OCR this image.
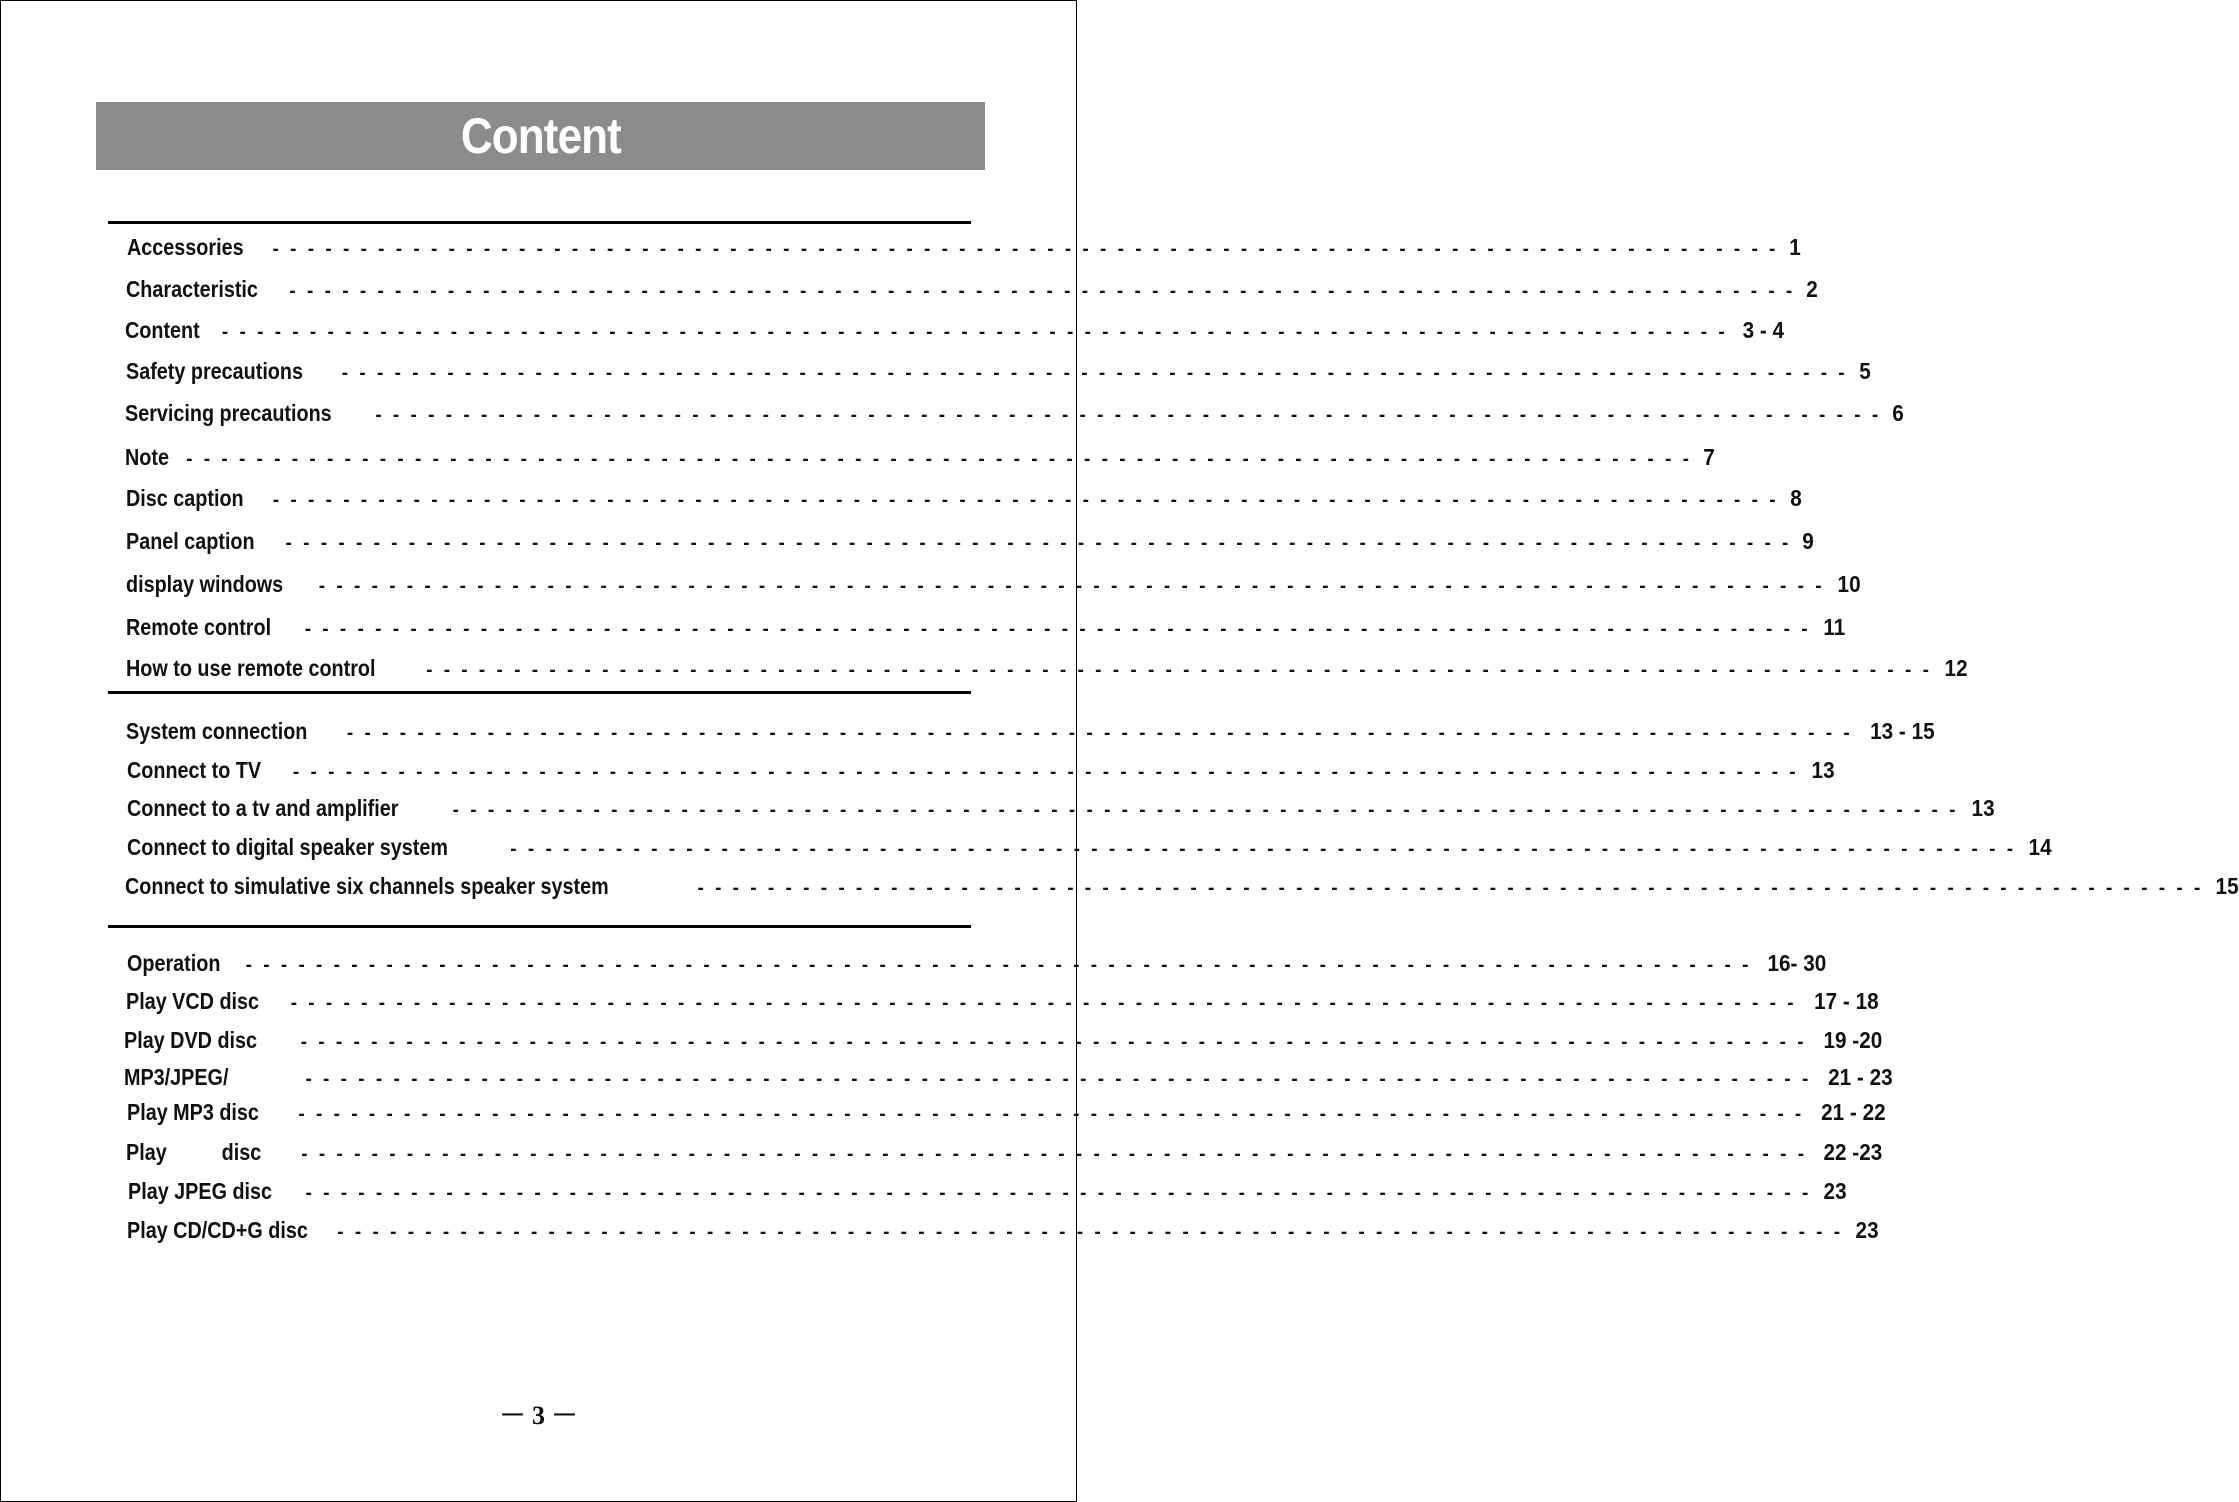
Content
Accessories - - - - - - - - - - - - - - - - - - - - - - - - - - - - - - - - - - - - - - - - - - - - - - - - - - - - - - - - - - - - - - - - - - - - - - - - - - - - - - - - - - - - - - 1
Characteristic - - - - - - - - - - - - - - - - - - - - - - - - - - - - - - - - - - - - - - - - - - - - - - - - - - - - - - - - - - - - - - - - - - - - - - - - - - - - - - - - - - - - - - 2
Content - - - - - - - - - - - - - - - - - - - - - - - - - - - - - - - - - - - - - - - - - - - - - - - - - - - - - - - - - - - - - - - - - - - - - - - - - - - - - - - - - - - - - - 3 - 4
Safety precautions - - - - - - - - - - - - - - - - - - - - - - - - - - - - - - - - - - - - - - - - - - - - - - - - - - - - - - - - - - - - - - - - - - - - - - - - - - - - - - - - - - - - - - 5
Servicing precautions - - - - - - - - - - - - - - - - - - - - - - - - - - - - - - - - - - - - - - - - - - - - - - - - - - - - - - - - - - - - - - - - - - - - - - - - - - - - - - - - - - - - - - 6
Note - - - - - - - - - - - - - - - - - - - - - - - - - - - - - - - - - - - - - - - - - - - - - - - - - - - - - - - - - - - - - - - - - - - - - - - - - - - - - - - - - - - - - - 7
Disc caption - - - - - - - - - - - - - - - - - - - - - - - - - - - - - - - - - - - - - - - - - - - - - - - - - - - - - - - - - - - - - - - - - - - - - - - - - - - - - - - - - - - - - - 8
Panel caption - - - - - - - - - - - - - - - - - - - - - - - - - - - - - - - - - - - - - - - - - - - - - - - - - - - - - - - - - - - - - - - - - - - - - - - - - - - - - - - - - - - - - - 9
display windows - - - - - - - - - - - - - - - - - - - - - - - - - - - - - - - - - - - - - - - - - - - - - - - - - - - - - - - - - - - - - - - - - - - - - - - - - - - - - - - - - - - - - - 10
Remote control - - - - - - - - - - - - - - - - - - - - - - - - - - - - - - - - - - - - - - - - - - - - - - - - - - - - - - - - - - - - - - - - - - - - - - - - - - - - - - - - - - - - - - 11
How to use remote control	- - - - - - - - - - - - - - - - - - - - - - - - - - - - - - - - - - - - - - - - - - - - - - - - - - - - - - - - - - - - - - - - - - - - - - - - - - - - - - - - - - - - - - 12
System connection - - - - - - - - - - - - - - - - - - - - - - - - - - - - - - - - - - - - - - - - - - - - - - - - - - - - - - - - - - - - - - - - - - - - - - - - - - - - - - - - - - - - - - 13 - 15
Connect to TV - - - - - - - - - - - - - - - - - - - - - - - - - - - - - - - - - - - - - - - - - - - - - - - - - - - - - - - - - - - - - - - - - - - - - - - - - - - - - - - - - - - - - - 13
Connect to a tv and amplifier	- - - - - - - - - - - - - - - - - - - - - - - - - - - - - - - - - - - - - - - - - - - - - - - - - - - - - - - - - - - - - - - - - - - - - - - - - - - - - - - - - - - - - - 13
Connect to digital speaker system	- - - - - - - - - - - - - - - - - - - - - - - - - - - - - - - - - - - - - - - - - - - - - - - - - - - - - - - - - - - - - - - - - - - - - - - - - - - - - - - - - - - - - - 14
Connect to simulative six channels speaker system	- - - - - - - - - - - - - - - - - - - - - - - - - - - - - - - - - - - - - - - - - - - - - - - - - - - - - - - - - - - - - - - - - - - - - - - - - - - - - - - - - - - - - - 15
Operation - - - - - - - - - - - - - - - - - - - - - - - - - - - - - - - - - - - - - - - - - - - - - - - - - - - - - - - - - - - - - - - - - - - - - - - - - - - - - - - - - - - - - - 16- 30
Play VCD disc - - - - - - - - - - - - - - - - - - - - - - - - - - - - - - - - - - - - - - - - - - - - - - - - - - - - - - - - - - - - - - - - - - - - - - - - - - - - - - - - - - - - - - 17 - 18
Play DVD disc - - - - - - - - - - - - - - - - - - - - - - - - - - - - - - - - - - - - - - - - - - - - - - - - - - - - - - - - - - - - - - - - - - - - - - - - - - - - - - - - - - - - - - 19 -20
MP3/JPEG/	- - - - - - - - - - - - - - - - - - - - - - - - - - - - - - - - - - - - - - - - - - - - - - - - - - - - - - - - - - - - - - - - - - - - - - - - - - - - - - - - - - - - - - 21 - 23
Play MP3 disc - - - - - - - - - - - - - - - - - - - - - - - - - - - - - - - - - - - - - - - - - - - - - - - - - - - - - - - - - - - - - - - - - - - - - - - - - - - - - - - - - - - - - - 21 - 22
Play          disc - - - - - - - - - - - - - - - - - - - - - - - - - - - - - - - - - - - - - - - - - - - - - - - - - - - - - - - - - - - - - - - - - - - - - - - - - - - - - - - - - - - - - - 22 -23
Play JPEG disc - - - - - - - - - - - - - - - - - - - - - - - - - - - - - - - - - - - - - - - - - - - - - - - - - - - - - - - - - - - - - - - - - - - - - - - - - - - - - - - - - - - - - - 23
Play CD/CD+G disc - - - - - - - - - - - - - - - - - - - - - - - - - - - - - - - - - - - - - - - - - - - - - - - - - - - - - - - - - - - - - - - - - - - - - - - - - - - - - - - - - - - - - - 23
－ 3 －
